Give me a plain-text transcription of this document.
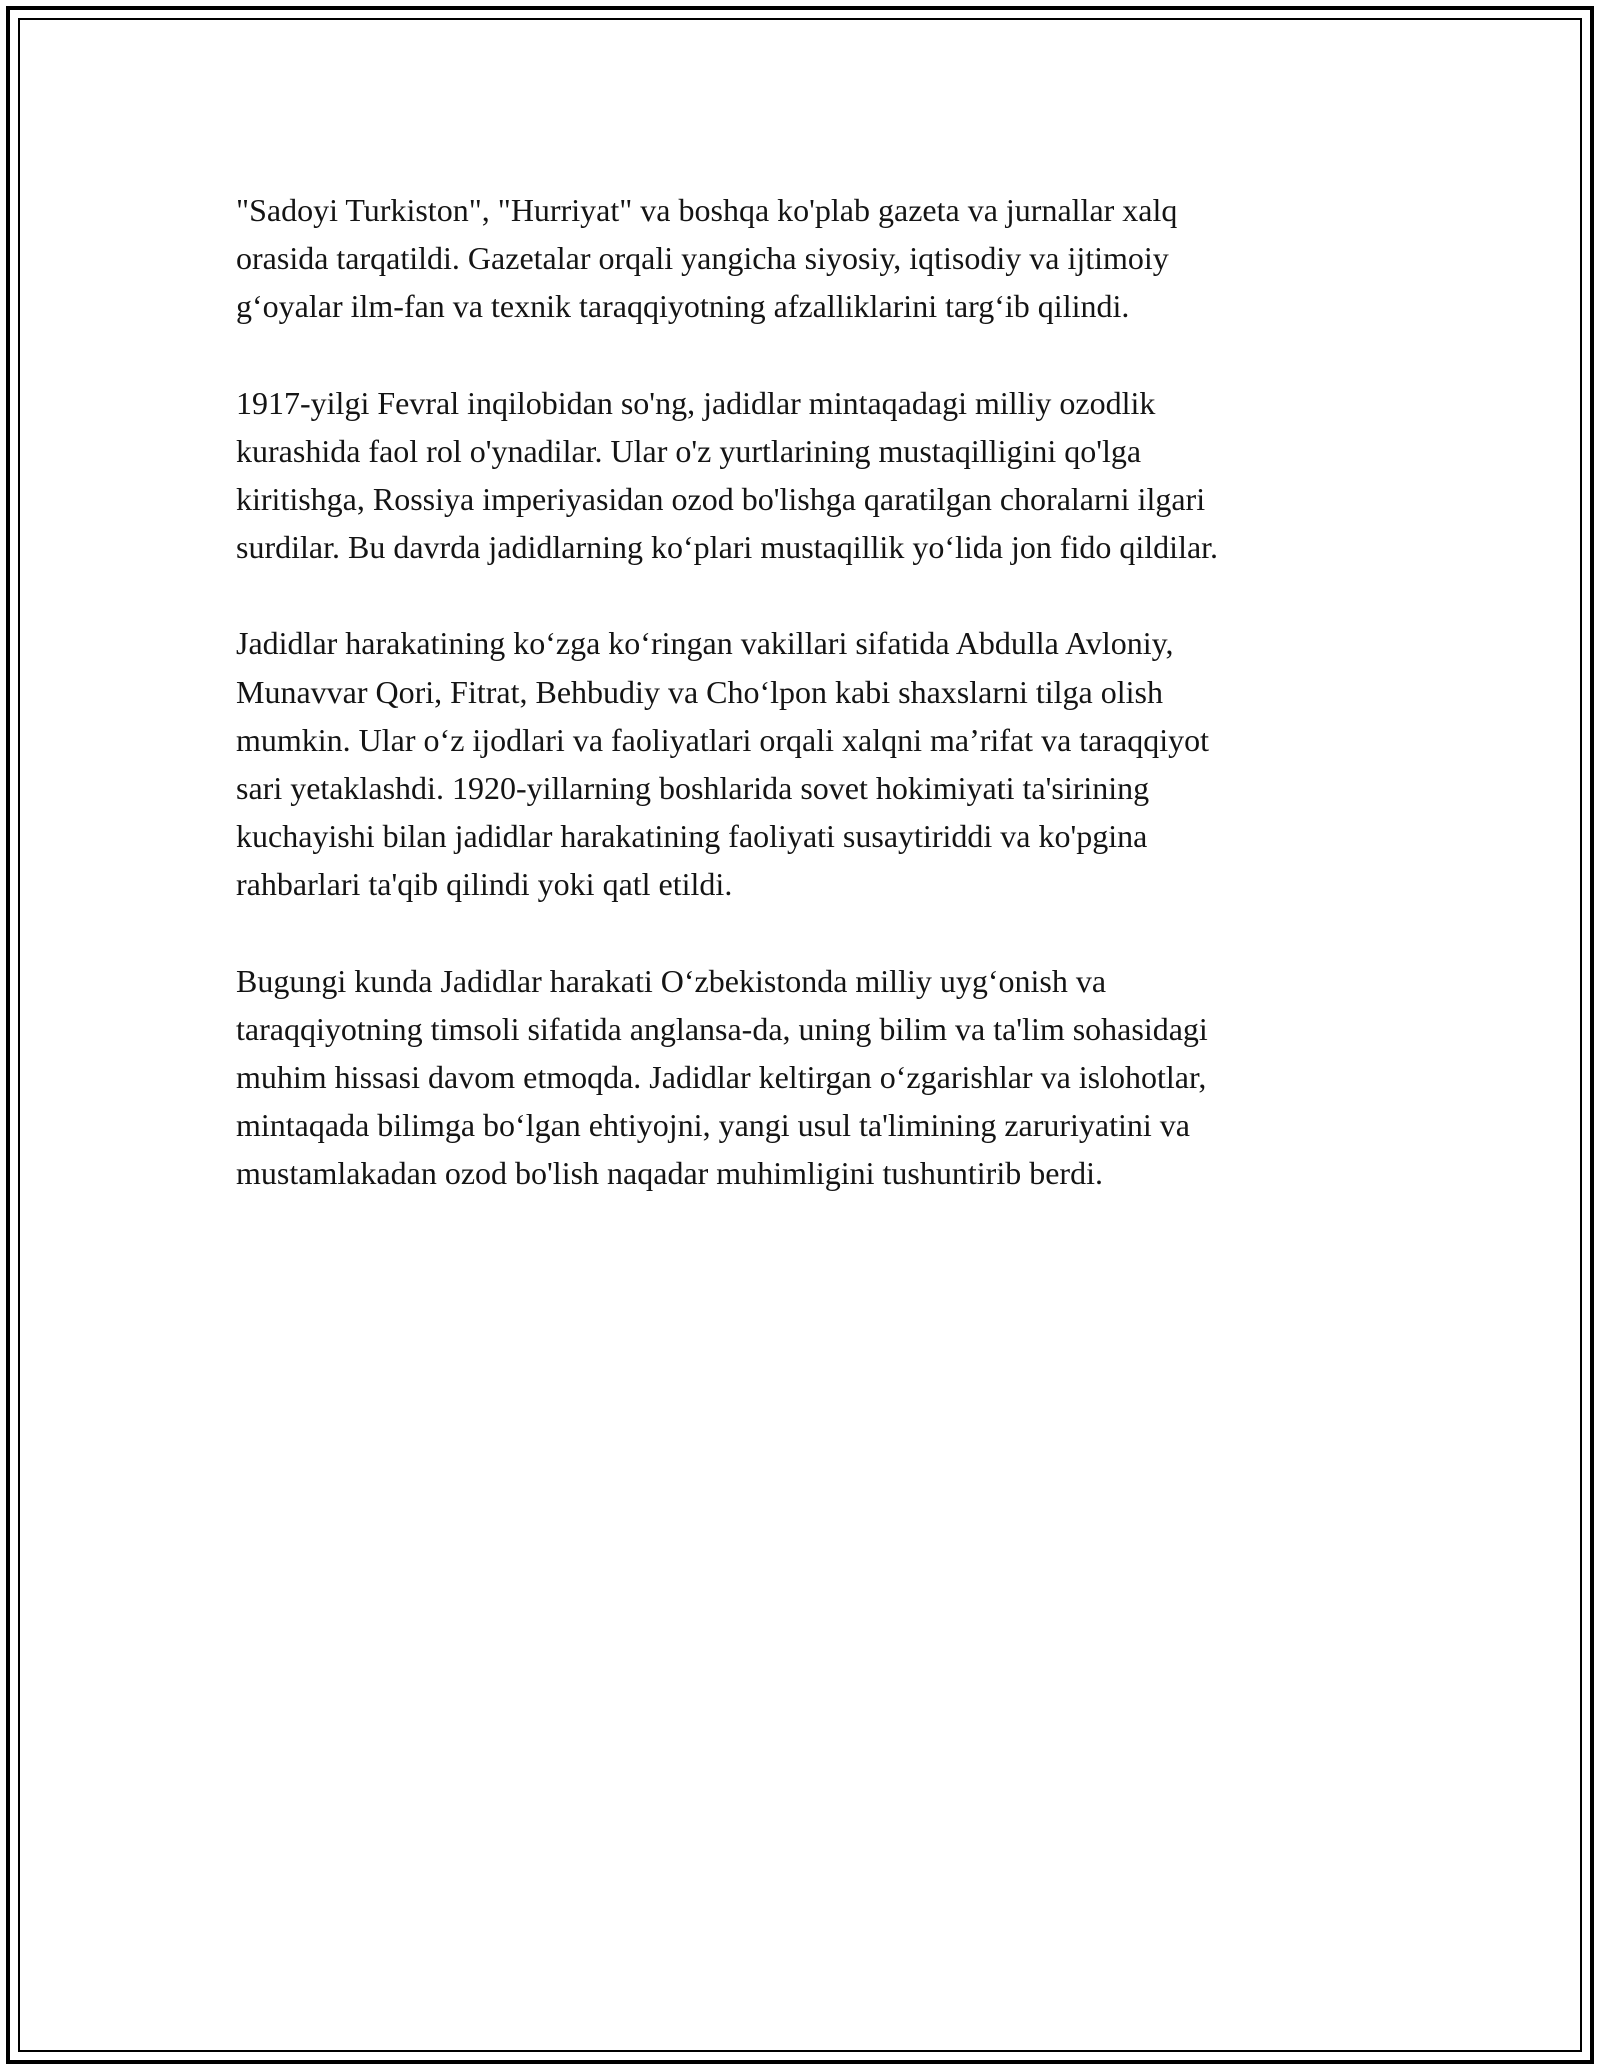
"Sadoyi Turkiston", "Hurriyat" va boshqa ko'plab gazeta va jurnallar xalq
orasida tarqatildi. Gazetalar orqali yangicha siyosiy, iqtisodiy va ijtimoiy
g‘oyalar ilm-fan va texnik taraqqiyotning afzalliklarini targ‘ib qilindi.

1917-yilgi Fevral inqilobidan so'ng, jadidlar mintaqadagi milliy ozodlik
kurashida faol rol o'ynadilar. Ular o'z yurtlarining mustaqilligini qo'lga
kiritishga, Rossiya imperiyasidan ozod bo'lishga qaratilgan choralarni ilgari
surdilar. Bu davrda jadidlarning ko‘plari mustaqillik yo‘lida jon fido qildilar.

Jadidlar harakatining ko‘zga ko‘ringan vakillari sifatida Abdulla Avloniy,
Munavvar Qori, Fitrat, Behbudiy va Cho‘lpon kabi shaxslarni tilga olish
mumkin. Ular o‘z ijodlari va faoliyatlari orqali xalqni ma’rifat va taraqqiyot
sari yetaklashdi. 1920-yillarning boshlarida sovet hokimiyati ta'sirining
kuchayishi bilan jadidlar harakatining faoliyati susaytiriddi va ko'pgina
rahbarlari ta'qib qilindi yoki qatl etildi.

Bugungi kunda Jadidlar harakati O‘zbekistonda milliy uyg‘onish va
taraqqiyotning timsoli sifatida anglansa-da, uning bilim va ta'lim sohasidagi
muhim hissasi davom etmoqda. Jadidlar keltirgan o‘zgarishlar va islohotlar,
mintaqada bilimga bo‘lgan ehtiyojni, yangi usul ta'limining zaruriyatini va
mustamlakadan ozod bo'lish naqadar muhimligini tushuntirib berdi.
